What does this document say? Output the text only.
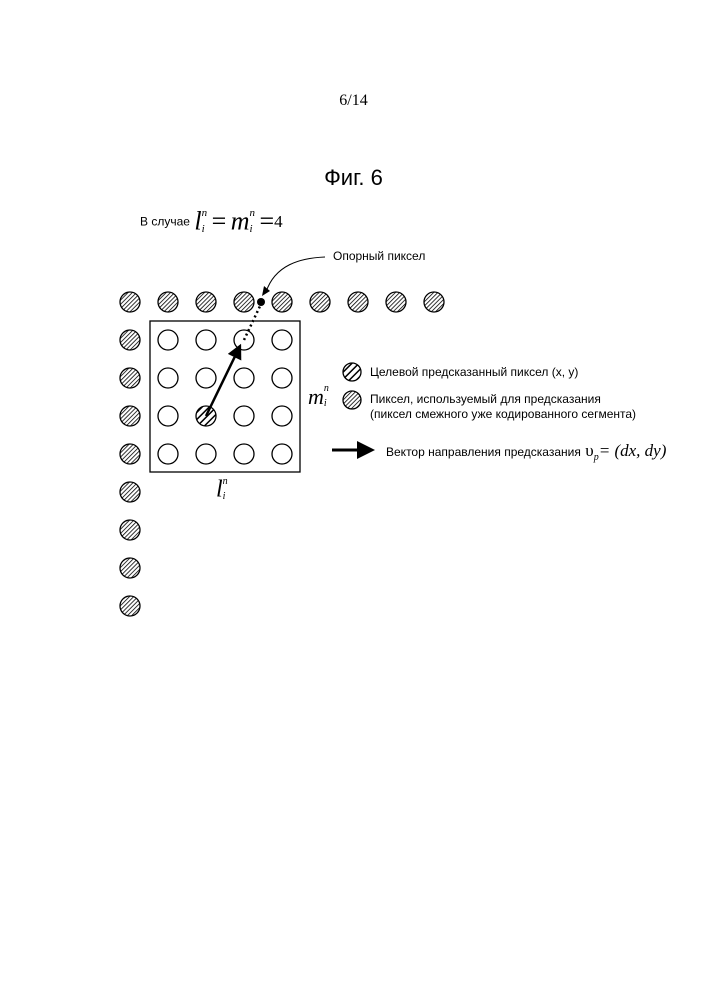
6/14
Фиг. 6
В случае l n
i = m n
i =4
Опорный пиксел
m n
i
l n
i
Целевой предсказанный пиксел (x, y)
Пиксел, используемый для предсказания
(пиксел смежного уже кодированного сегмента)
Вектор направления предсказания υp= (dx, dy)
